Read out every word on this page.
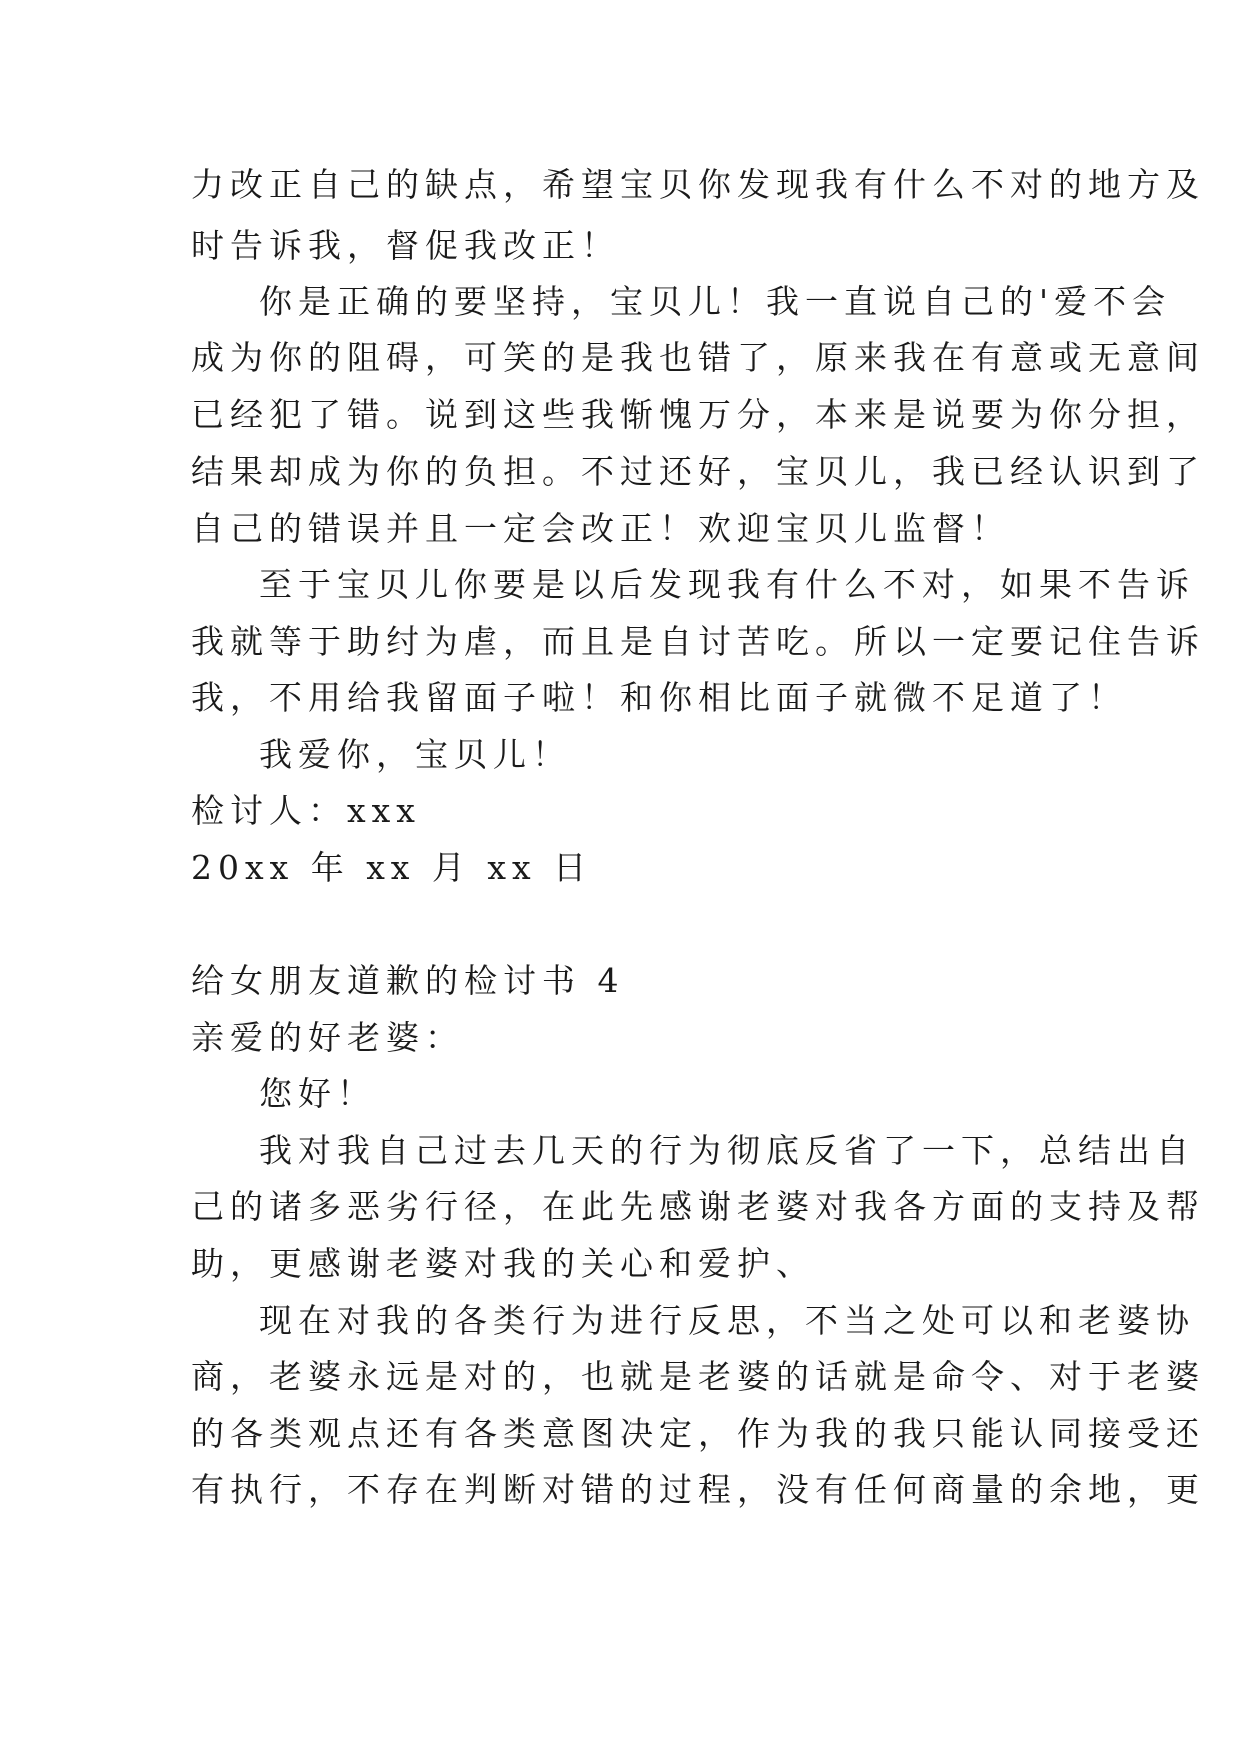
力改正自己的缺点，希望宝贝你发现我有什么不对的地方及
时告诉我，督促我改正！
你是正确的要坚持，宝贝儿！我一直说自己的'爱不会
成为你的阻碍，可笑的是我也错了，原来我在有意或无意间
已经犯了错。说到这些我惭愧万分，本来是说要为你分担，
结果却成为你的负担。不过还好，宝贝儿，我已经认识到了
自己的错误并且一定会改正！欢迎宝贝儿监督！
至于宝贝儿你要是以后发现我有什么不对，如果不告诉
我就等于助纣为虐，而且是自讨苦吃。所以一定要记住告诉
我，不用给我留面子啦！和你相比面子就微不足道了！
我爱你，宝贝儿！
检讨人：xxx
20xx 年 xx 月 xx 日
给女朋友道歉的检讨书 4
亲爱的好老婆：
您好！
我对我自己过去几天的行为彻底反省了一下，总结出自
己的诸多恶劣行径，在此先感谢老婆对我各方面的支持及帮
助，更感谢老婆对我的关心和爱护、
现在对我的各类行为进行反思，不当之处可以和老婆协
商，老婆永远是对的，也就是老婆的话就是命令、对于老婆
的各类观点还有各类意图决定，作为我的我只能认同接受还
有执行，不存在判断对错的过程，没有任何商量的余地，更
